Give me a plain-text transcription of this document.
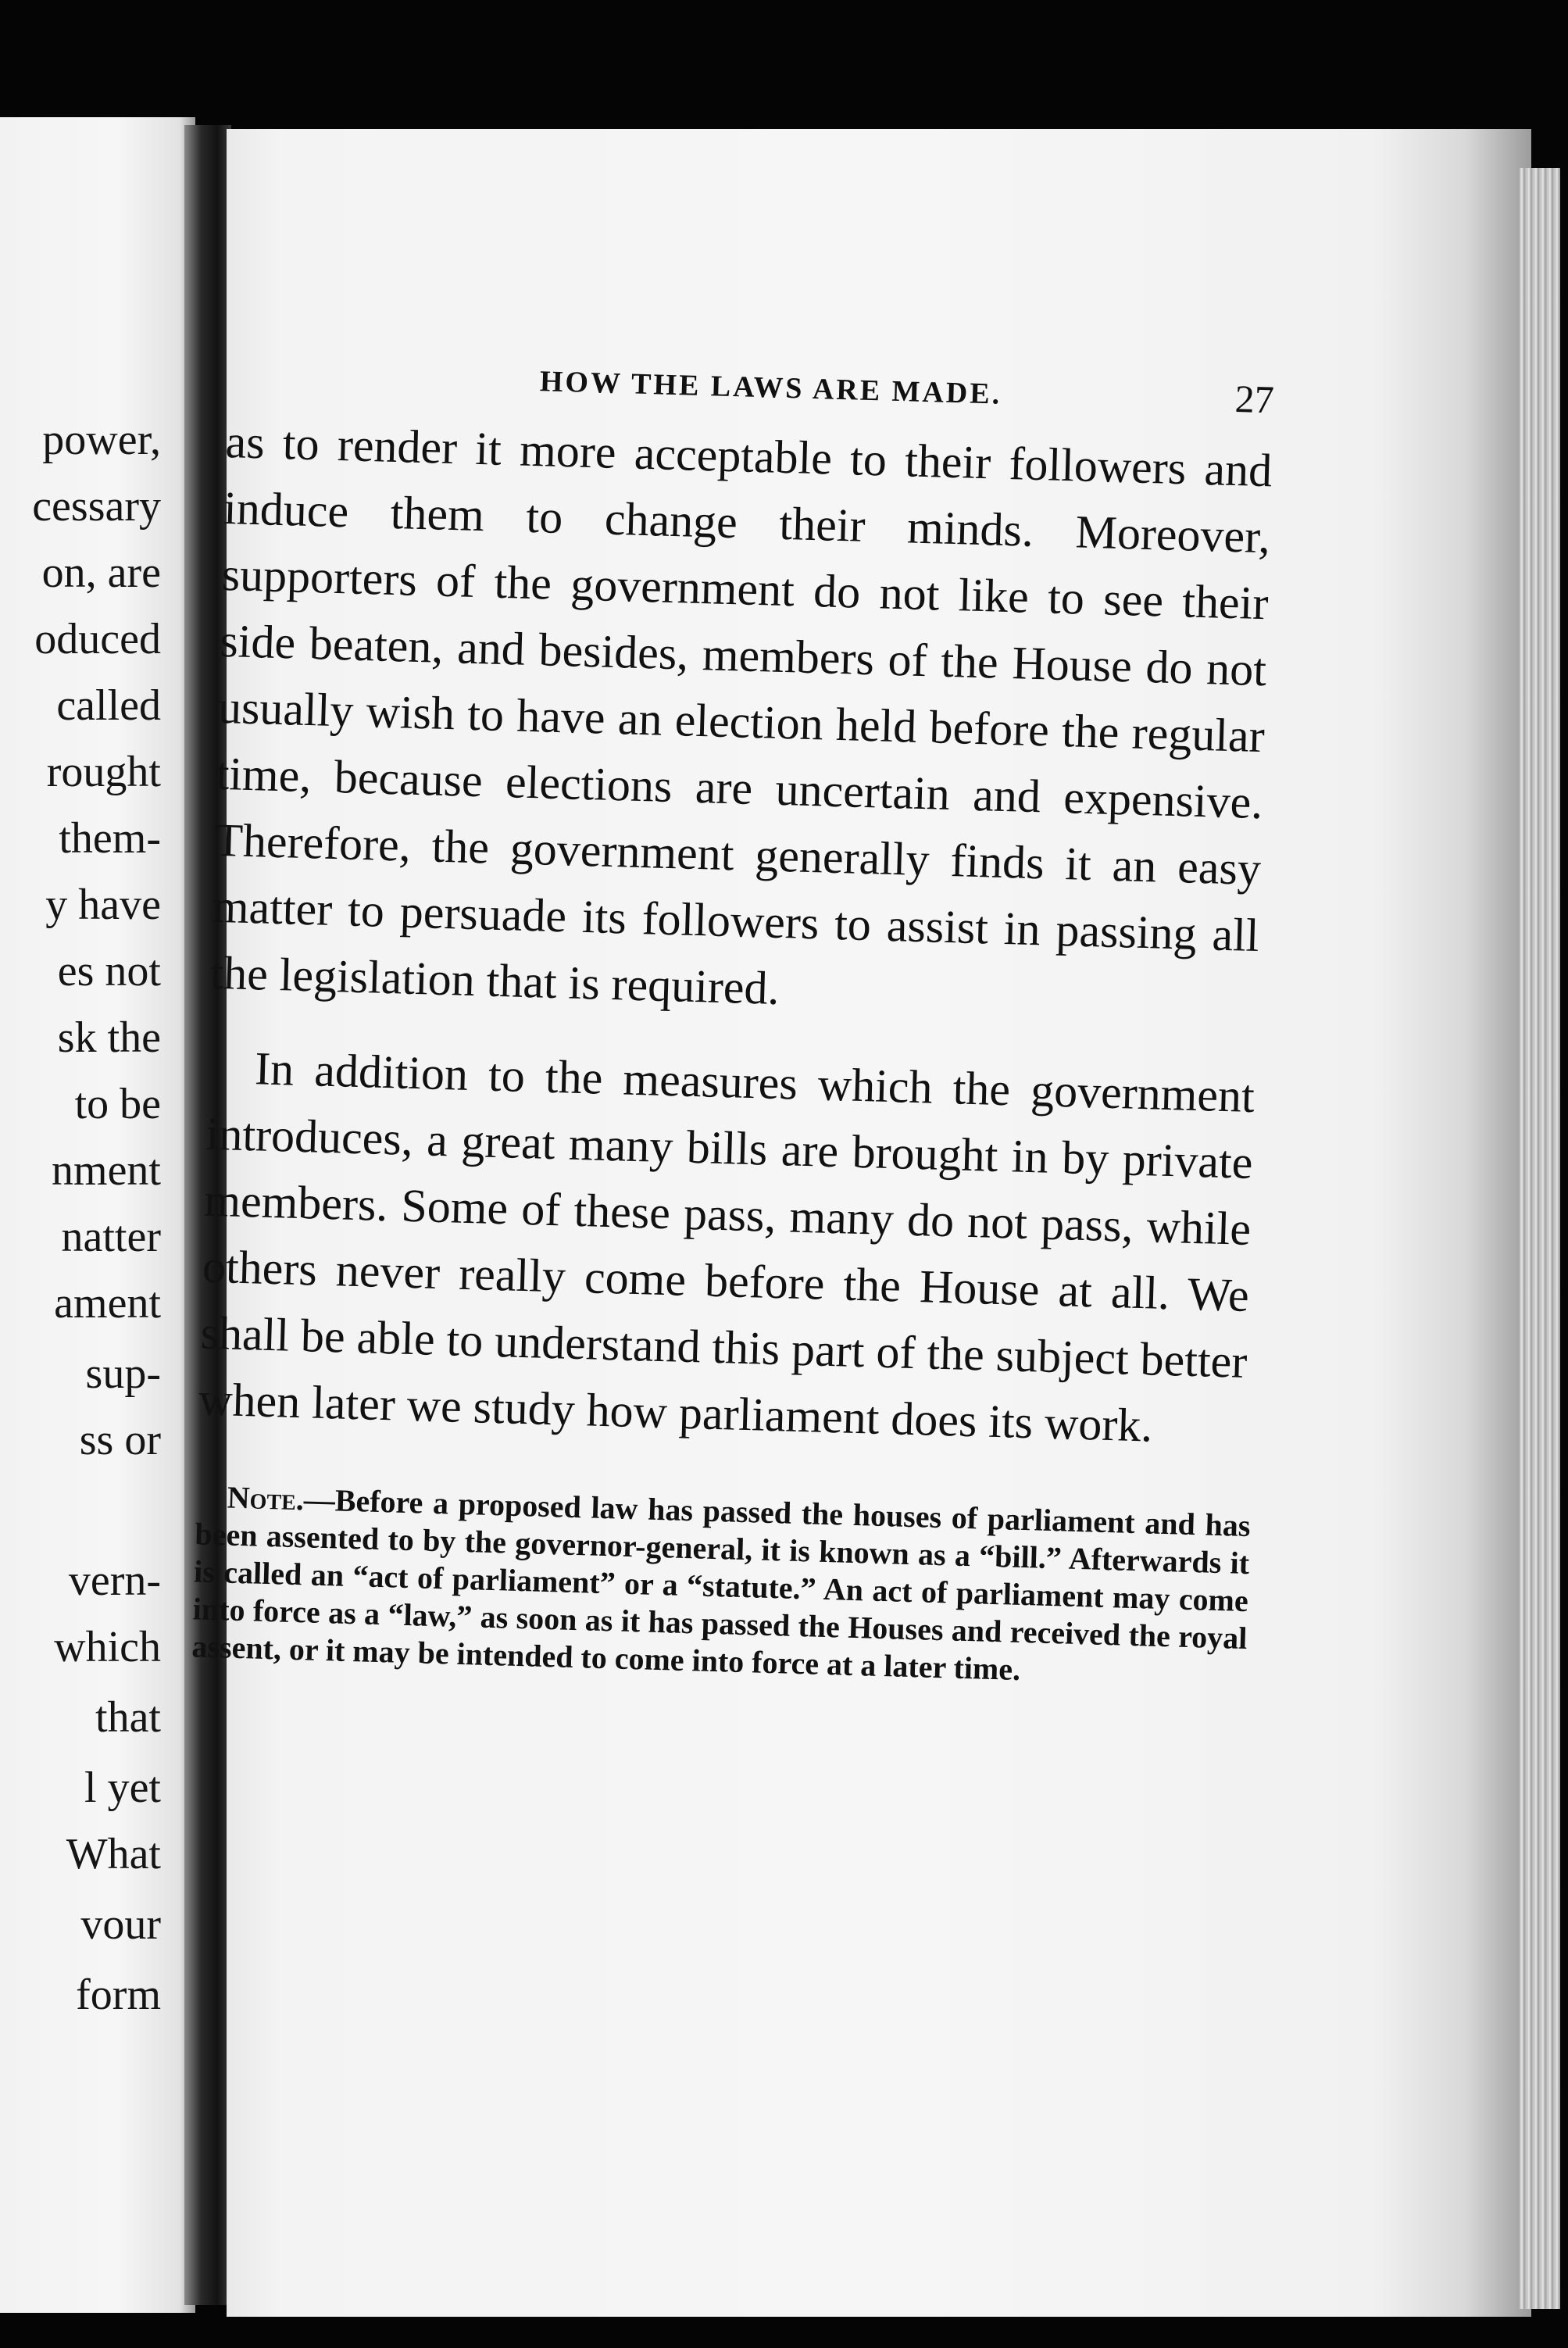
power,
cessary
on, are
oduced
called
rought
them-
y have
es not
sk the
to be
nment
natter
ament
sup-
ss or
vern-
which
that
l yet
What
vour
form
HOW THE LAWS ARE MADE.	27

as to render it more acceptable to their followers and induce them to change their minds. Moreover, supporters of the government do not like to see their side beaten, and besides, members of the House do not usually wish to have an election held before the regular time, because elections are uncertain and expensive. Therefore, the government generally finds it an easy matter to persuade its followers to assist in passing all the legislation that is required.

In addition to the measures which the government introduces, a great many bills are brought in by private members. Some of these pass, many do not pass, while others never really come before the House at all. We shall be able to understand this part of the subject better when later we study how parliament does its work.

Note.—Before a proposed law has passed the houses of parliament and has been assented to by the governor-general, it is known as a “bill.” Afterwards it is called an “act of parliament” or a “statute.” An act of parliament may come into force as a “law,” as soon as it has passed the Houses and received the royal assent, or it may be intended to come into force at a later time.
